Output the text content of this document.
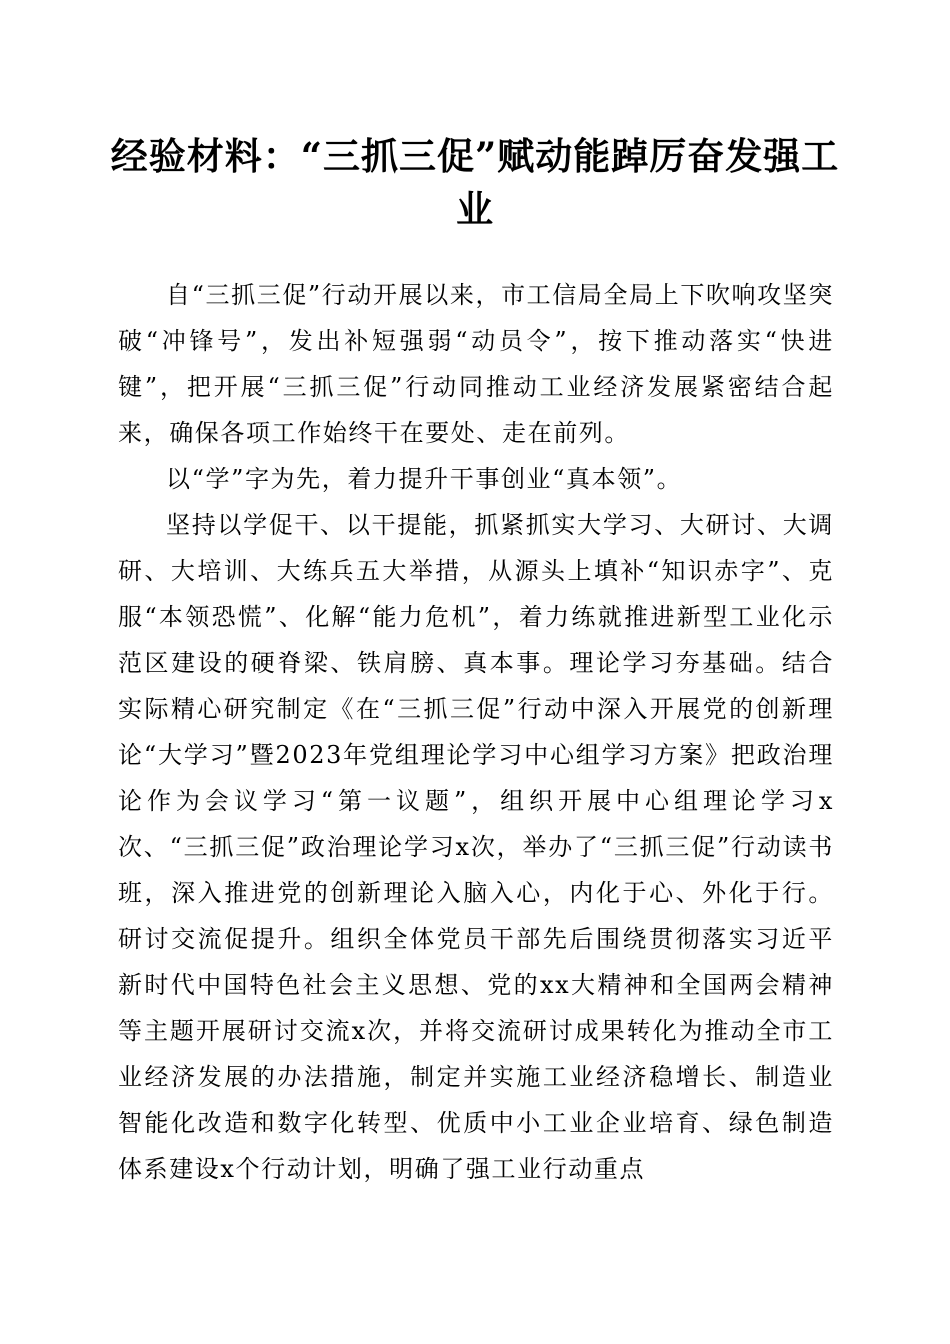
经验材料：“三抓三促”赋动能踔厉奋发强工业

自“三抓三促”行动开展以来，市工信局全局上下吹响攻坚突破“冲锋号”，发出补短强弱“动员令”，按下推动落实“快进键”，把开展“三抓三促”行动同推动工业经济发展紧密结合起来，确保各项工作始终干在要处、走在前列。

以“学”字为先，着力提升干事创业“真本领”。

坚持以学促干、以干提能，抓紧抓实大学习、大研讨、大调研、大培训、大练兵五大举措，从源头上填补“知识赤字”、克服“本领恐慌”、化解“能力危机”，着力练就推进新型工业化示范区建设的硬脊梁、铁肩膀、真本事。理论学习夯基础。结合实际精心研究制定《在“三抓三促”行动中深入开展党的创新理论“大学习”暨2023年党组理论学习中心组学习方案》把政治理论作为会议学习“第一议题”，组织开展中心组理论学习x次、“三抓三促”政治理论学习x次，举办了“三抓三促”行动读书班，深入推进党的创新理论入脑入心，内化于心、外化于行。研讨交流促提升。组织全体党员干部先后围绕贯彻落实习近平新时代中国特色社会主义思想、党的xx大精神和全国两会精神等主题开展研讨交流x次，并将交流研讨成果转化为推动全市工业经济发展的办法措施，制定并实施工业经济稳增长、制造业智能化改造和数字化转型、优质中小工业企业培育、绿色制造体系建设x个行动计划，明确了强工业行动重点
